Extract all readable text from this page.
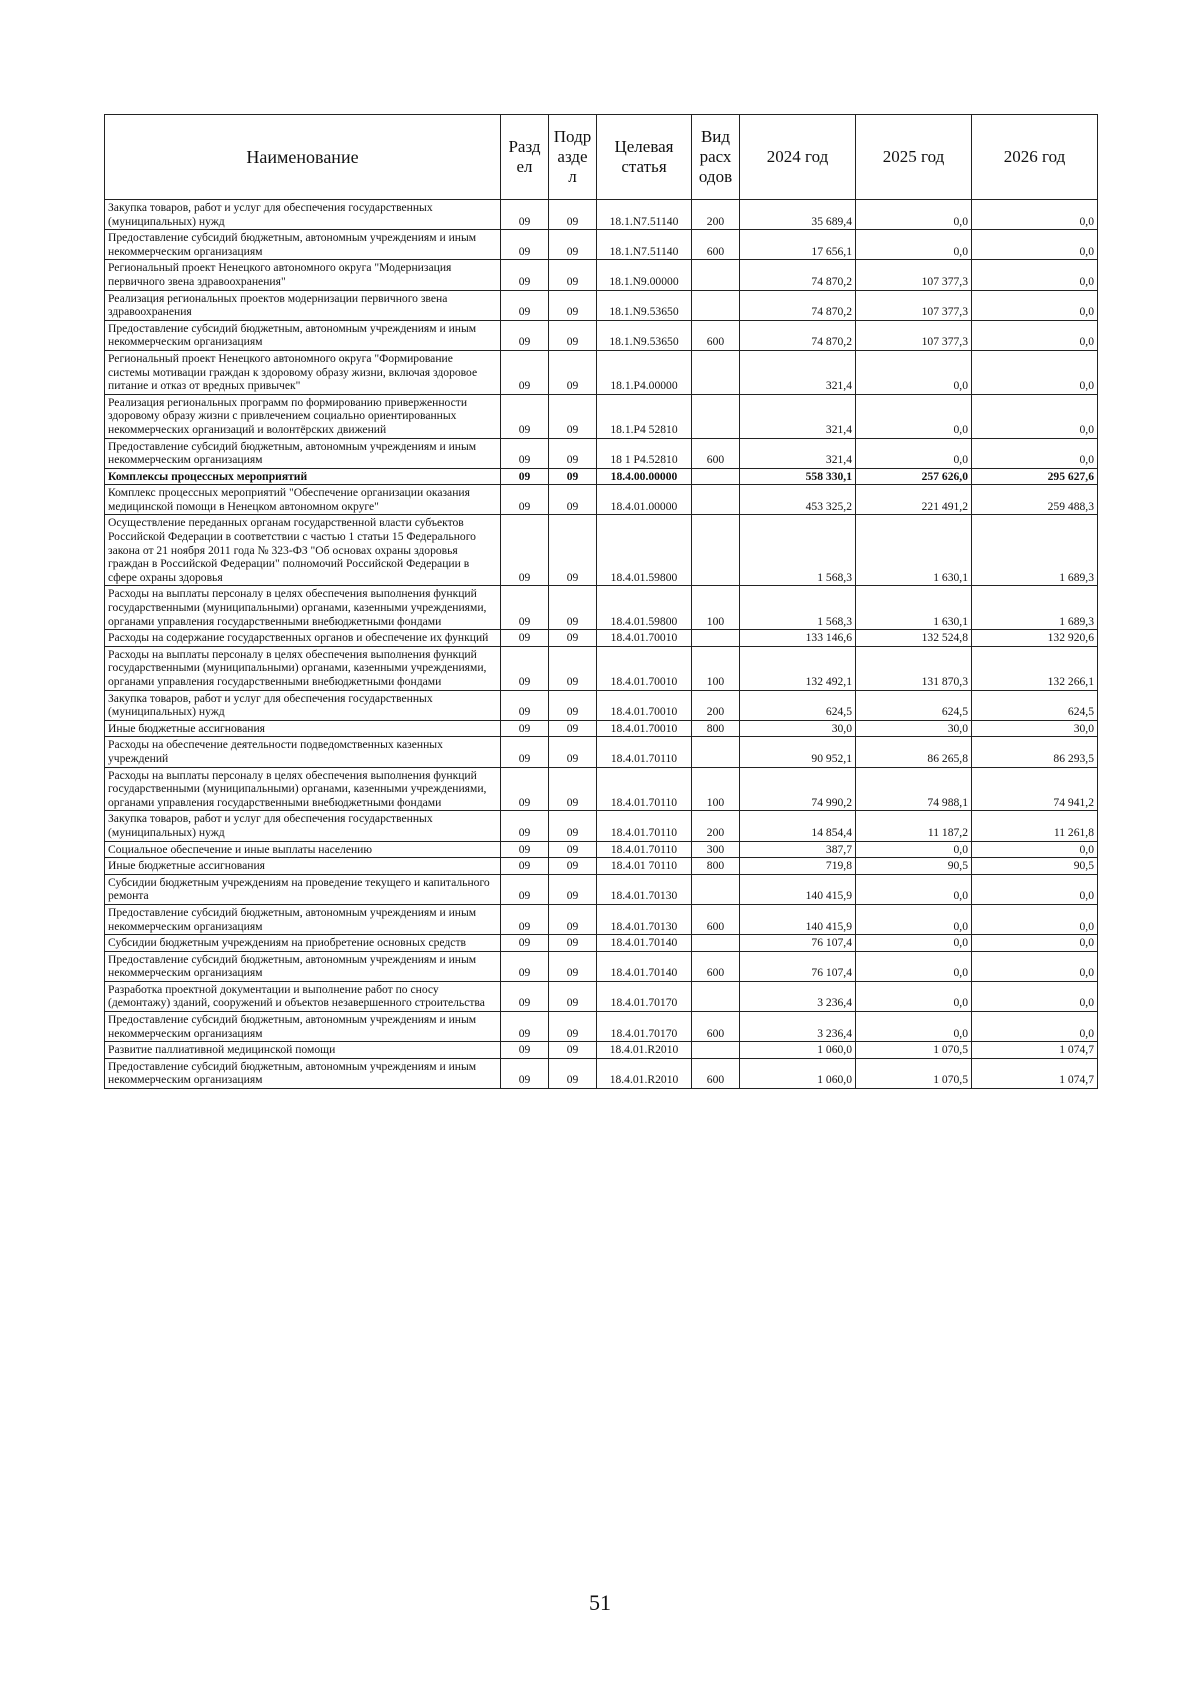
Наименование	Разд ел	Подр азде л	Целевая статья	Вид расх одов	2024 год	2025 год	2026 год
Закупка товаров, работ и услуг для обеспечения государственных (муниципальных) нужд	09	09	18.1.N7.51140	200	35 689,4	0,0	0,0
Предоставление субсидий бюджетным, автономным учреждениям и иным некоммерческим организациям	09	09	18.1.N7.51140	600	17 656,1	0,0	0,0
Региональный проект Ненецкого автономного округа "Модернизация первичного звена здравоохранения"	09	09	18.1.N9.00000		74 870,2	107 377,3	0,0
Реализация региональных проектов модернизации первичного звена здравоохранения	09	09	18.1.N9.53650		74 870,2	107 377,3	0,0
Предоставление субсидий бюджетным, автономным учреждениям и иным некоммерческим организациям	09	09	18.1.N9.53650	600	74 870,2	107 377,3	0,0
Региональный проект Ненецкого автономного округа "Формирование системы мотивации граждан к здоровому образу жизни, включая здоровое питание и отказ от вредных привычек"	09	09	18.1.P4.00000		321,4	0,0	0,0
Реализация региональных программ по формированию приверженности здоровому образу жизни с привлечением социально ориентированных некоммерческих организаций и волонтёрских движений	09	09	18.1.P4 52810		321,4	0,0	0,0
Предоставление субсидий бюджетным, автономным учреждениям и иным некоммерческим организациям	09	09	18 1 P4.52810	600	321,4	0,0	0,0
Комплексы процессных мероприятий	09	09	18.4.00.00000		558 330,1	257 626,0	295 627,6
Комплекс процессных мероприятий "Обеспечение организации оказания медицинской помощи в Ненецком автономном округе"	09	09	18.4.01.00000		453 325,2	221 491,2	259 488,3
Осуществление переданных органам государственной власти субъектов Российской Федерации в соответствии с частью 1 статьи 15 Федерального закона от 21 ноября 2011 года № 323-ФЗ "Об основах охраны здоровья граждан в Российской Федерации" полномочий Российской Федерации в сфере охраны здоровья	09	09	18.4.01.59800		1 568,3	1 630,1	1 689,3
Расходы на выплаты персоналу в целях обеспечения выполнения функций государственными (муниципальными) органами, казенными учреждениями, органами управления государственными внебюджетными фондами	09	09	18.4.01.59800	100	1 568,3	1 630,1	1 689,3
Расходы на содержание государственных органов и обеспечение их функций	09	09	18.4.01.70010		133 146,6	132 524,8	132 920,6
Расходы на выплаты персоналу в целях обеспечения выполнения функций государственными (муниципальными) органами, казенными учреждениями, органами управления государственными внебюджетными фондами	09	09	18.4.01.70010	100	132 492,1	131 870,3	132 266,1
Закупка товаров, работ и услуг для обеспечения государственных (муниципальных) нужд	09	09	18.4.01.70010	200	624,5	624,5	624,5
Иные бюджетные ассигнования	09	09	18.4.01.70010	800	30,0	30,0	30,0
Расходы на обеспечение деятельности подведомственных казенных учреждений	09	09	18.4.01.70110		90 952,1	86 265,8	86 293,5
Расходы на выплаты персоналу в целях обеспечения выполнения функций государственными (муниципальными) органами, казенными учреждениями, органами управления государственными внебюджетными фондами	09	09	18.4.01.70110	100	74 990,2	74 988,1	74 941,2
Закупка товаров, работ и услуг для обеспечения государственных (муниципальных) нужд	09	09	18.4.01.70110	200	14 854,4	11 187,2	11 261,8
Социальное обеспечение и иные выплаты населению	09	09	18.4.01.70110	300	387,7	0,0	0,0
Иные бюджетные ассигнования	09	09	18.4.01 70110	800	719,8	90,5	90,5
Субсидии бюджетным учреждениям на проведение текущего и капитального ремонта	09	09	18.4.01.70130		140 415,9	0,0	0,0
Предоставление субсидий бюджетным, автономным учреждениям и иным некоммерческим организациям	09	09	18.4.01.70130	600	140 415,9	0,0	0,0
Субсидии бюджетным учреждениям на приобретение основных средств	09	09	18.4.01.70140		76 107,4	0,0	0,0
Предоставление субсидий бюджетным, автономным учреждениям и иным некоммерческим организациям	09	09	18.4.01.70140	600	76 107,4	0,0	0,0
Разработка проектной документации и выполнение работ по сносу (демонтажу) зданий, сооружений и объектов незавершенного строительства	09	09	18.4.01.70170		3 236,4	0,0	0,0
Предоставление субсидий бюджетным, автономным учреждениям и иным некоммерческим организациям	09	09	18.4.01.70170	600	3 236,4	0,0	0,0
Развитие паллиативной медицинской помощи	09	09	18.4.01.R2010		1 060,0	1 070,5	1 074,7
Предоставление субсидий бюджетным, автономным учреждениям и иным некоммерческим организациям	09	09	18.4.01.R2010	600	1 060,0	1 070,5	1 074,7
51
